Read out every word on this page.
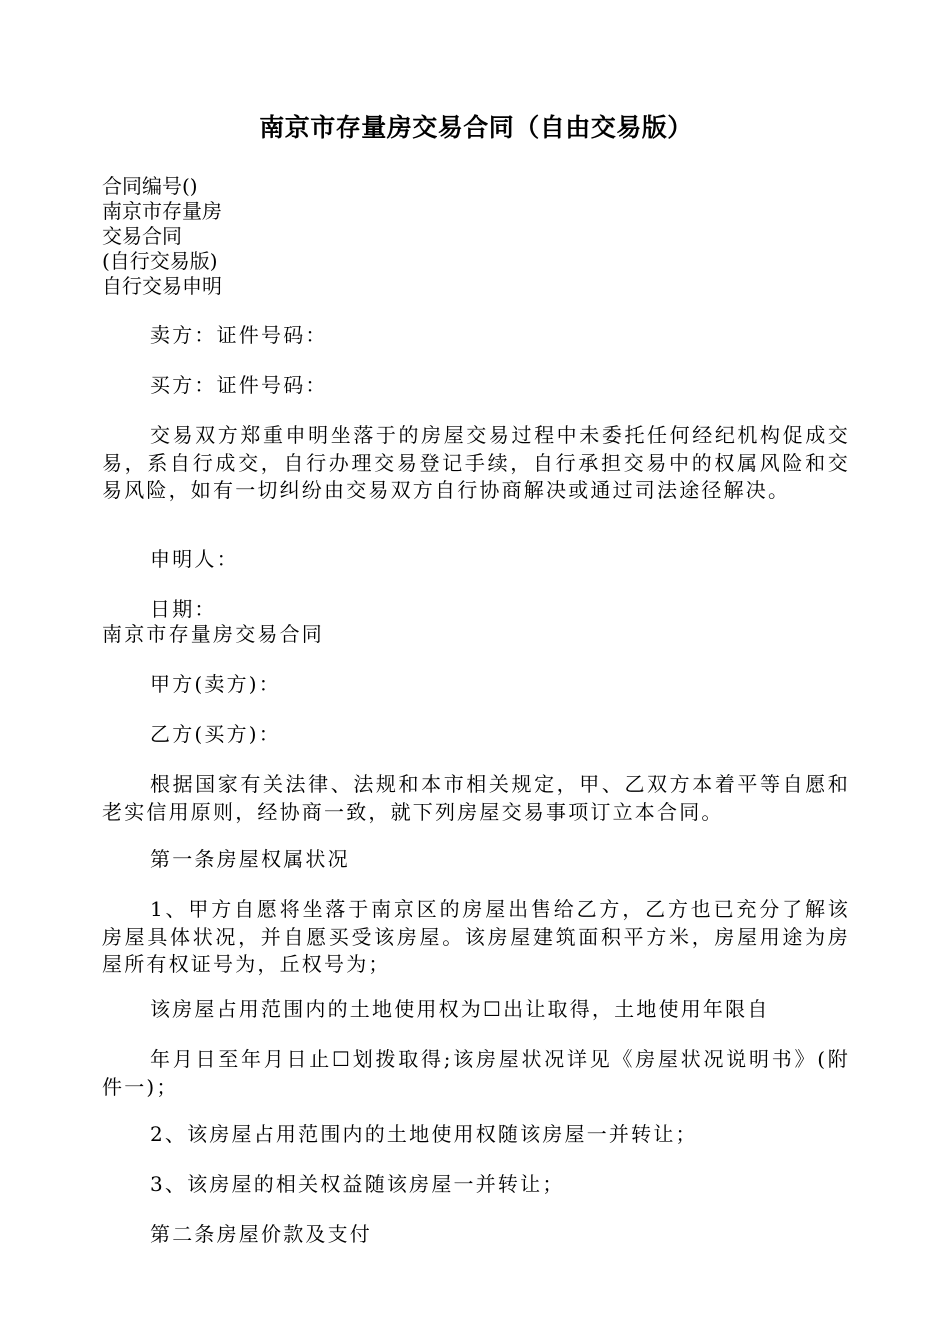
南京市存量房交易合同（自由交易版）
合同编号()
南京市存量房
交易合同
(自行交易版)
自行交易申明
卖方：证件号码：
买方：证件号码：
交易双方郑重申明坐落于的房屋交易过程中未委托任何经纪机构促成交易，系自行成交，自行办理交易登记手续，自行承担交易中的权属风险和交易风险，如有一切纠纷由交易双方自行协商解决或通过司法途径解决。
申明人：
日期：
南京市存量房交易合同
甲方(卖方)：
乙方(买方)：
根据国家有关法律、法规和本市相关规定，甲、乙双方本着平等自愿和老实信用原则，经协商一致，就下列房屋交易事项订立本合同。
第一条房屋权属状况
1、甲方自愿将坐落于南京区的房屋出售给乙方，乙方也已充分了解该房屋具体状况，并自愿买受该房屋。该房屋建筑面积平方米，房屋用途为房屋所有权证号为，丘权号为；
该房屋占用范围内的土地使用权为☐出让取得，土地使用年限自
年月日至年月日止☐划拨取得;该房屋状况详见《房屋状况说明书》(附件一)；
2、该房屋占用范围内的土地使用权随该房屋一并转让；
3、该房屋的相关权益随该房屋一并转让；
第二条房屋价款及支付
